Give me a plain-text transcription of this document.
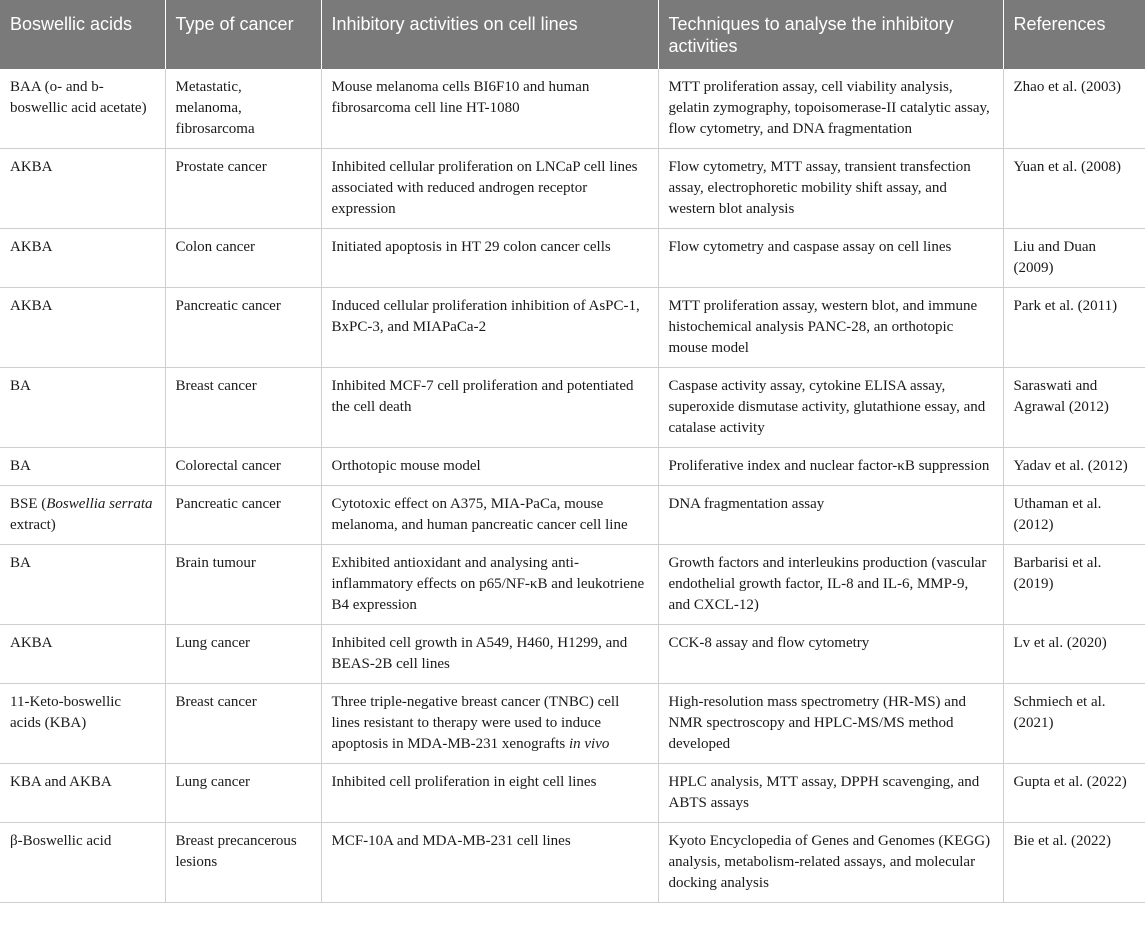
Boswellic acids	Type of cancer	Inhibitory activities on cell lines	Techniques to analyse the inhibitory activities	References
BAA (o- and b-boswellic acid acetate)	Metastatic, melanoma, fibrosarcoma	Mouse melanoma cells BI6F10 and human fibrosarcoma cell line HT-1080	MTT proliferation assay, cell viability analysis, gelatin zymography, topoisomerase-II catalytic assay, flow cytometry, and DNA fragmentation	Zhao et al. (2003)
AKBA	Prostate cancer	Inhibited cellular proliferation on LNCaP cell lines associated with reduced androgen receptor expression	Flow cytometry, MTT assay, transient transfection assay, electrophoretic mobility shift assay, and western blot analysis	Yuan et al. (2008)
AKBA	Colon cancer	Initiated apoptosis in HT 29 colon cancer cells	Flow cytometry and caspase assay on cell lines	Liu and Duan (2009)
AKBA	Pancreatic cancer	Induced cellular proliferation inhibition of AsPC-1, BxPC-3, and MIAPaCa-2	MTT proliferation assay, western blot, and immune histochemical analysis PANC-28, an orthotopic mouse model	Park et al. (2011)
BA	Breast cancer	Inhibited MCF-7 cell proliferation and potentiated the cell death	Caspase activity assay, cytokine ELISA assay, superoxide dismutase activity, glutathione essay, and catalase activity	Saraswati and Agrawal (2012)
BA	Colorectal cancer	Orthotopic mouse model	Proliferative index and nuclear factor-κB suppression	Yadav et al. (2012)
BSE (Boswellia serrata extract)	Pancreatic cancer	Cytotoxic effect on A375, MIA-PaCa, mouse melanoma, and human pancreatic cancer cell line	DNA fragmentation assay	Uthaman et al. (2012)
BA	Brain tumour	Exhibited antioxidant and analysing anti-inflammatory effects on p65/NF-κB and leukotriene B4 expression	Growth factors and interleukins production (vascular endothelial growth factor, IL-8 and IL-6, MMP-9, and CXCL-12)	Barbarisi et al. (2019)
AKBA	Lung cancer	Inhibited cell growth in A549, H460, H1299, and BEAS-2B cell lines	CCK-8 assay and flow cytometry	Lv et al. (2020)
11-Keto-boswellic acids (KBA)	Breast cancer	Three triple-negative breast cancer (TNBC) cell lines resistant to therapy were used to induce apoptosis in MDA-MB-231 xenografts in vivo	High-resolution mass spectrometry (HR-MS) and NMR spectroscopy and HPLC-MS/MS method developed	Schmiech et al. (2021)
KBA and AKBA	Lung cancer	Inhibited cell proliferation in eight cell lines	HPLC analysis, MTT assay, DPPH scavenging, and ABTS assays	Gupta et al. (2022)
β-Boswellic acid	Breast precancerous lesions	MCF-10A and MDA-MB-231 cell lines	Kyoto Encyclopedia of Genes and Genomes (KEGG) analysis, metabolism-related assays, and molecular docking analysis	Bie et al. (2022)
